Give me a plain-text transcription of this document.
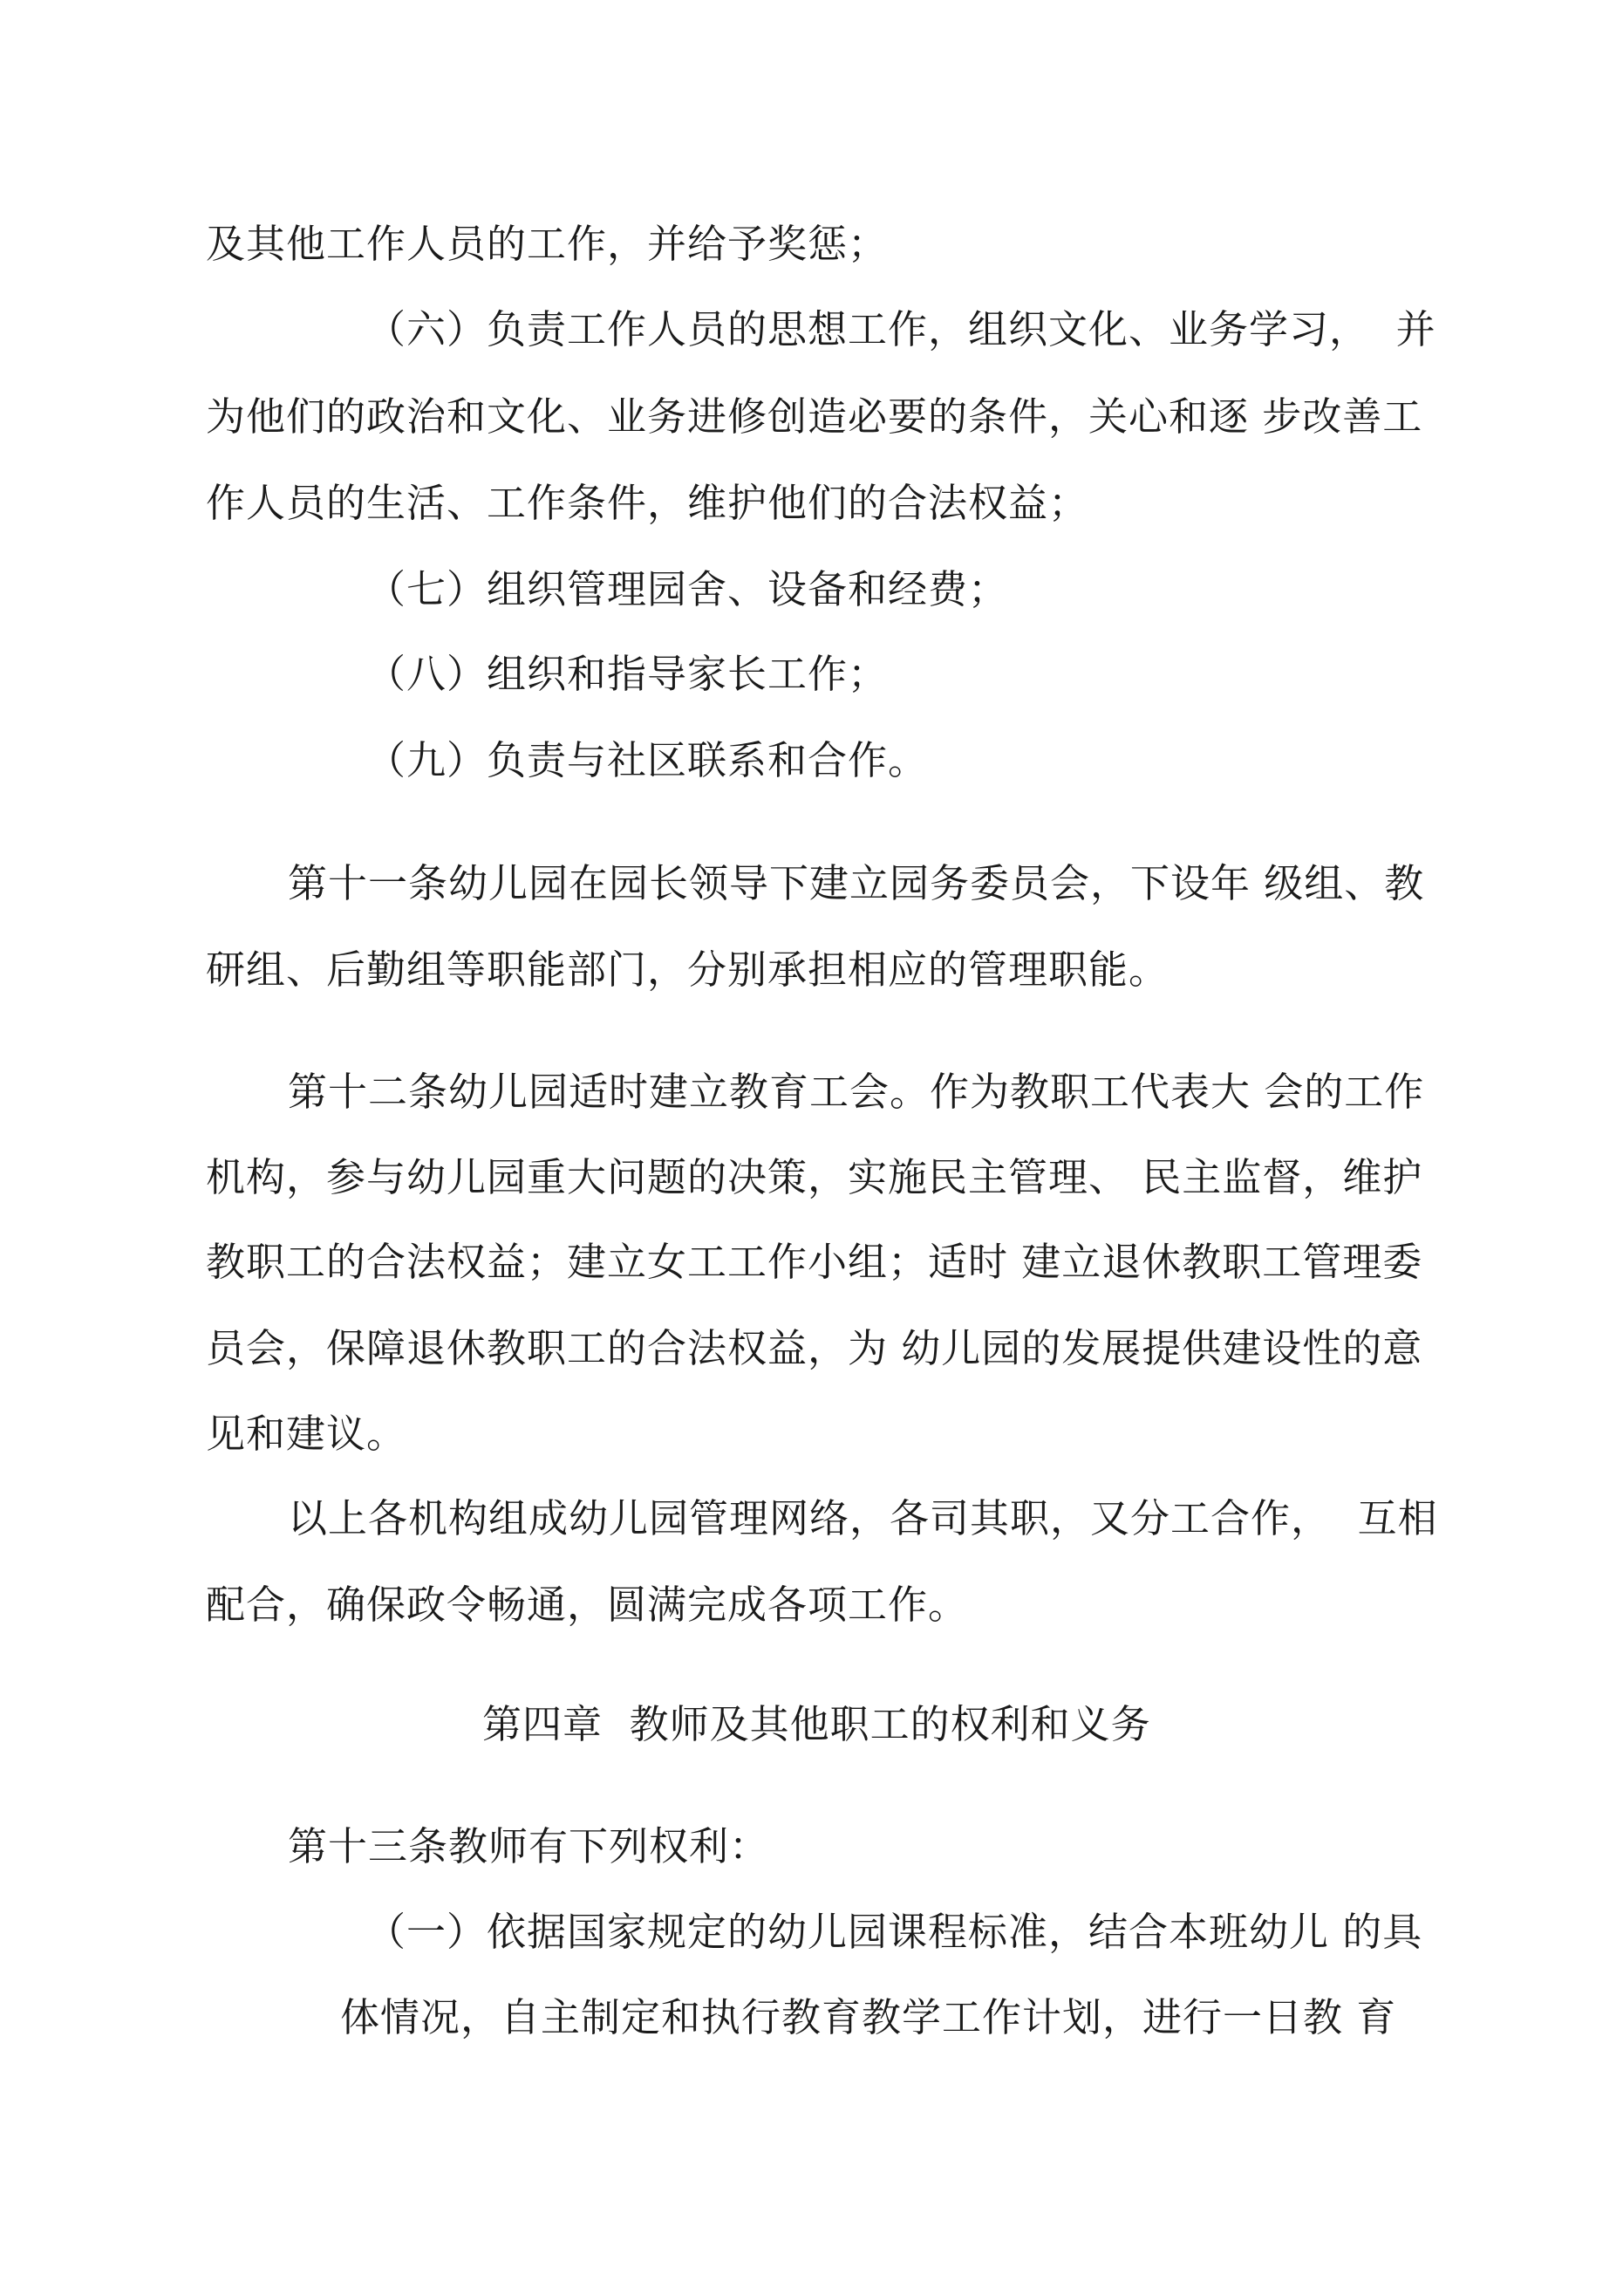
及其他工作人员的工作，并给予奖惩；
（六）负责工作人员的思想工作，组织文化、业务学习，  并
为他们的政治和文化、业务进修创造必要的条件，关心和逐 步改善工
作人员的生活、工作条件，维护他们的合法权益；
（七）组织管理园舍、设备和经费；
（八）组织和指导家长工作；
（九）负责与社区联系和合作。
第十一条幼儿园在园长领导下建立园务委员会，下设年 级组、教
研组、后勤组等职能部门，分别承担相应的管理职能。
第十二条幼儿园适时建立教育工会。作为教职工代表大 会的工作
机构，参与幼儿园重大问题的决策，实施民主管理、 民主监督，维护
教职工的合法权益；建立女工工作小组；适时 建立退休教职工管理委
员会，保障退休教职工的合法权益，为 幼儿园的发展提供建设性的意
见和建议。
以上各机构组成幼儿园管理网络，各司其职，又分工合作，  互相
配合，确保政令畅通，圆满完成各项工作。
第四章  教师及其他职工的权利和义务
第十三条教师有下列权利：
（一）依据国家规定的幼儿园课程标准，结合本班幼儿 的具
体情况，自主制定和执行教育教学工作计划，进行一日教 育
